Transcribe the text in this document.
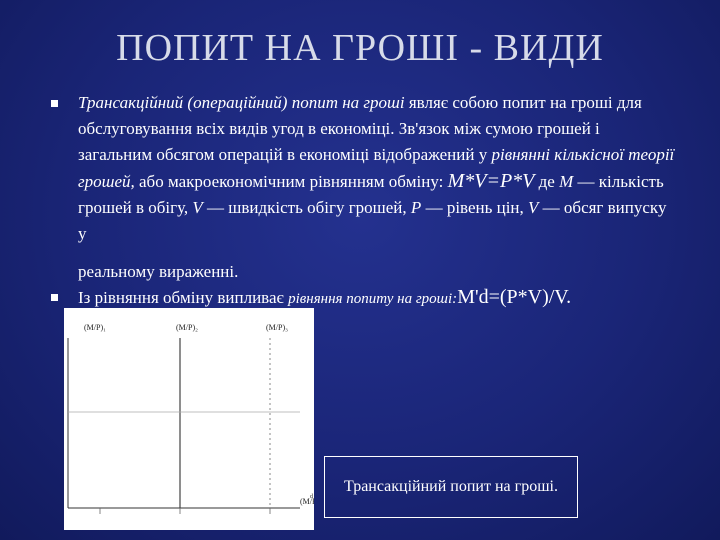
ПОПИТ НА ГРОШІ - ВИДИ
Трансакційний (операційний) попит на гроші являє собою попит на гроші для обслуговування всіх видів угод в економіці. Зв'язок між сумою грошей і загальним обсягом операцій в економіці відображений у рівнянні кількісної теорії грошей, або макроекономічним рівнянням обміну: M*V=P*V де M — кількість грошей в обігу, V — швидкість обігу грошей, P — рівень цін, V — обсяг випуску у
реальному вираженні.
Із рівняння обміну випливає рівняння попиту на гроші:M'd=(P*V)/V.
(M/P)₁	(M/P)₂	(M/P)₃
(M/
d
Трансакційний попит на гроші.
